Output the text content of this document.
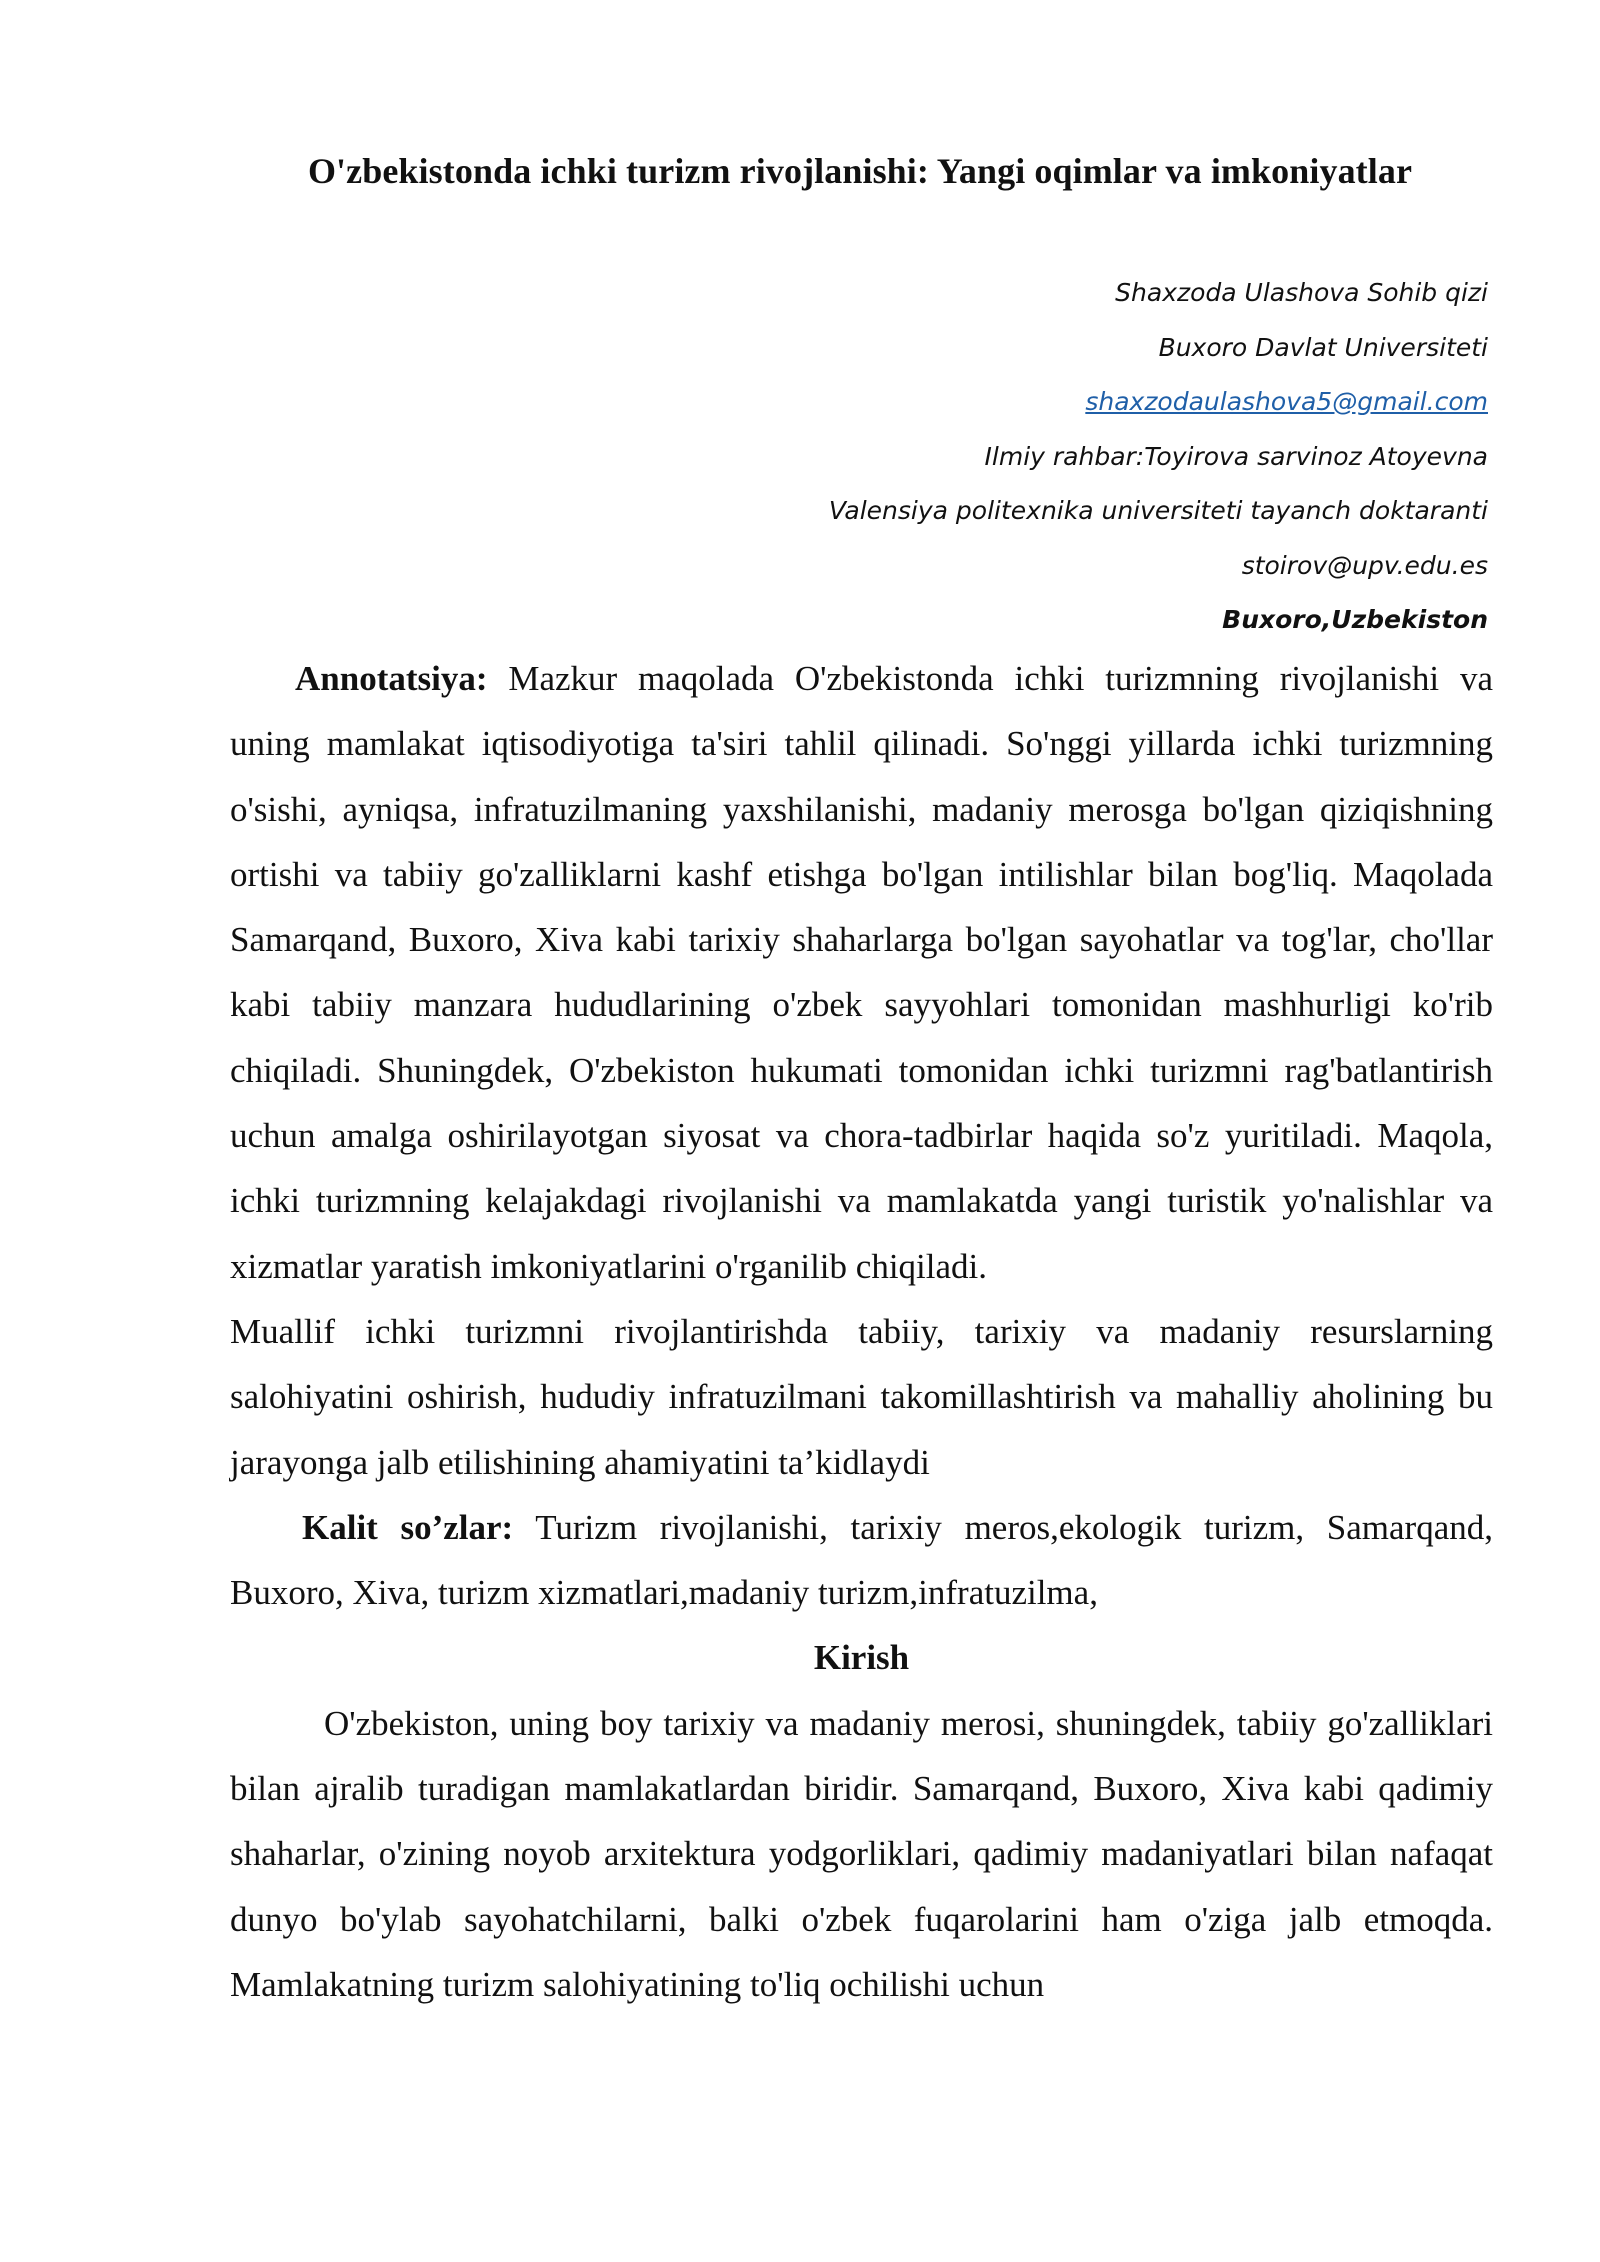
O'zbekistonda ichki turizm rivojlanishi: Yangi oqimlar va imkoniyatlar
Shaxzoda Ulashova Sohib qizi
Buxoro Davlat Universiteti
shaxzodaulashova5@gmail.com
Ilmiy rahbar:Toyirova sarvinoz Atoyevna
Valensiya politexnika universiteti tayanch doktaranti
stoirov@upv.edu.es
Buxoro,Uzbekiston

Annotatsiya: Mazkur maqolada O'zbekistonda ichki turizmning rivojlanishi va uning mamlakat iqtisodiyotiga ta'siri tahlil qilinadi. So'nggi yillarda ichki turizmning o'sishi, ayniqsa, infratuzilmaning yaxshilanishi, madaniy merosga bo'lgan qiziqishning ortishi va tabiiy go'zalliklarni kashf etishga bo'lgan intilishlar bilan bog'liq. Maqolada Samarqand, Buxoro, Xiva kabi tarixiy shaharlarga bo'lgan sayohatlar va tog'lar, cho'llar kabi tabiiy manzara hududlarining o'zbek sayyohlari tomonidan mashhurligi ko'rib chiqiladi. Shuningdek, O'zbekiston hukumati tomonidan ichki turizmni rag'batlantirish uchun amalga oshirilayotgan siyosat va chora-tadbirlar haqida so'z yuritiladi. Maqola, ichki turizmning kelajakdagi rivojlanishi va mamlakatda yangi turistik yo'nalishlar va xizmatlar yaratish imkoniyatlarini o'rganilib chiqiladi.

Muallif ichki turizmni rivojlantirishda tabiiy, tarixiy va madaniy resurslarning salohiyatini oshirish, hududiy infratuzilmani takomillashtirish va mahalliy aholining bu jarayonga jalb etilishining ahamiyatini ta’kidlaydi

Kalit so’zlar: Turizm rivojlanishi, tarixiy meros,ekologik turizm, Samarqand, Buxoro, Xiva, turizm xizmatlari,madaniy turizm,infratuzilma,

Kirish

O'zbekiston, uning boy tarixiy va madaniy merosi, shuningdek, tabiiy go'zalliklari bilan ajralib turadigan mamlakatlardan biridir. Samarqand, Buxoro, Xiva kabi qadimiy shaharlar, o'zining noyob arxitektura yodgorliklari, qadimiy madaniyatlari bilan nafaqat dunyo bo'ylab sayohatchilarni, balki o'zbek fuqarolarini ham o'ziga jalb etmoqda. Mamlakatning turizm salohiyatining to'liq ochilishi uchun
